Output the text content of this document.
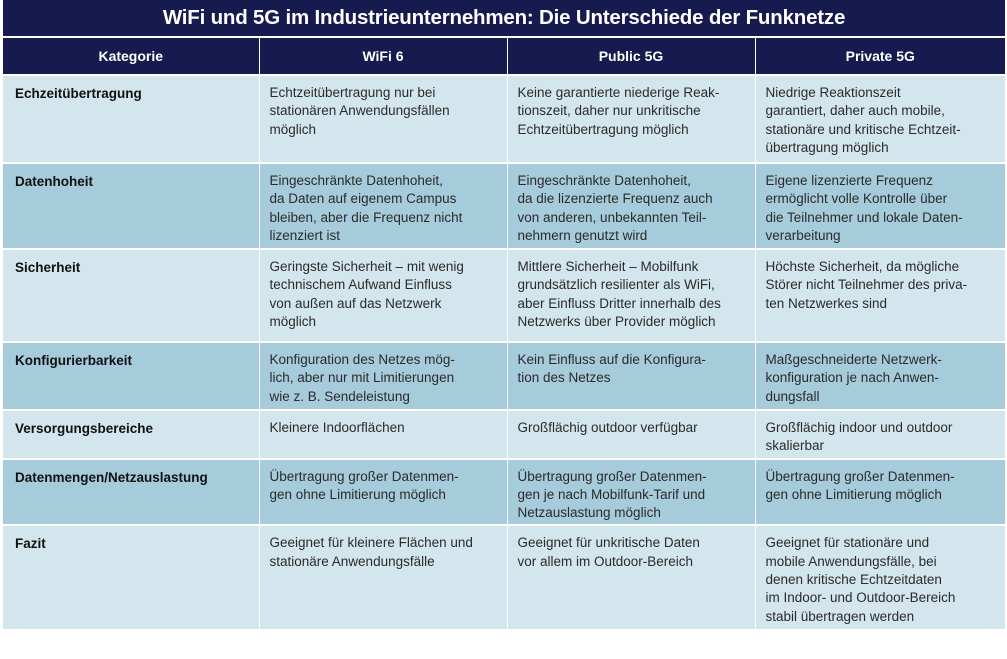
WiFi und 5G im Industrieunternehmen: Die Unterschiede der Funknetze
Kategorie	WiFi 6	Public 5G	Private 5G
Echzeitübertragung	Echtzeitübertragung nur bei
stationären Anwendungsfällen
möglich	Keine garantierte niederige Reak-
tionszeit, daher nur unkritische
Echtzeitübertragung möglich	Niedrige Reaktionszeit
garantiert, daher auch mobile,
stationäre und kritische Echtzeit-
übertragung möglich

Datenhoheit	Eingeschränkte Datenhoheit,
da Daten auf eigenem Campus
bleiben, aber die Frequenz nicht
lizenziert ist	Eingeschränkte Datenhoheit,
da die lizenzierte Frequenz auch
von anderen, unbekannten Teil-
nehmern genutzt wird	Eigene lizenzierte Frequenz
ermöglicht volle Kontrolle über
die Teilnehmer und lokale Daten-
verarbeitung

Sicherheit	Geringste Sicherheit – mit wenig
technischem Aufwand Einfluss
von außen auf das Netzwerk
möglich	Mittlere Sicherheit – Mobilfunk
grundsätzlich resilienter als WiFi,
aber Einfluss Dritter innerhalb des
Netzwerks über Provider möglich	Höchste Sicherheit, da mögliche
Störer nicht Teilnehmer des priva-
ten Netzwerkes sind

Konfigurierbarkeit	Konfiguration des Netzes mög-
lich, aber nur mit Limitierungen
wie z. B. Sendeleistung	Kein Einfluss auf die Konfigura-
tion des Netzes	Maßgeschneiderte Netzwerk-
konfiguration je nach Anwen-
dungsfall

Versorgungsbereiche	Kleinere Indoorflächen	Großflächig outdoor verfügbar	Großflächig indoor und outdoor
skalierbar

Datenmengen/Netzauslastung	Übertragung großer Datenmen-
gen ohne Limitierung möglich	Übertragung großer Datenmen-
gen je nach Mobilfunk-Tarif und
Netzauslastung möglich	Übertragung großer Datenmen-
gen ohne Limitierung möglich

Fazit	Geeignet für kleinere Flächen und
stationäre Anwendungsfälle	Geeignet für unkritische Daten
vor allem im Outdoor-Bereich	Geeignet für stationäre und
mobile Anwendungsfälle, bei
denen kritische Echtzeitdaten
im Indoor- und Outdoor-Bereich
stabil übertragen werden
